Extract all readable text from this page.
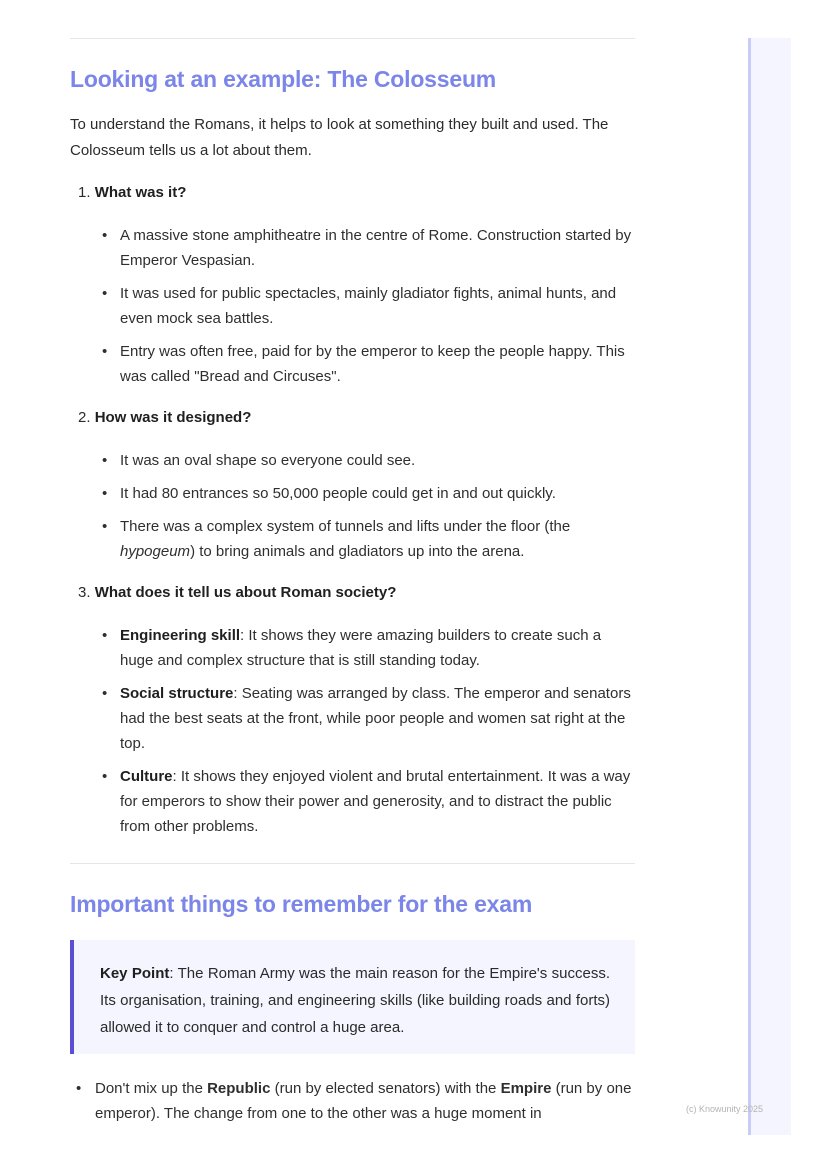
Looking at an example: The Colosseum

To understand the Romans, it helps to look at something they built and used. The Colosseum tells us a lot about them.

1. What was it?
• A massive stone amphitheatre in the centre of Rome. Construction started by Emperor Vespasian.
• It was used for public spectacles, mainly gladiator fights, animal hunts, and even mock sea battles.
• Entry was often free, paid for by the emperor to keep the people happy. This was called "Bread and Circuses".
2. How was it designed?
• It was an oval shape so everyone could see.
• It had 80 entrances so 50,000 people could get in and out quickly.
• There was a complex system of tunnels and lifts under the floor (the hypogeum) to bring animals and gladiators up into the arena.
3. What does it tell us about Roman society?
• Engineering skill: It shows they were amazing builders to create such a huge and complex structure that is still standing today.
• Social structure: Seating was arranged by class. The emperor and senators had the best seats at the front, while poor people and women sat right at the top.
• Culture: It shows they enjoyed violent and brutal entertainment. It was a way for emperors to show their power and generosity, and to distract the public from other problems.
Important things to remember for the exam

Key Point: The Roman Army was the main reason for the Empire's success. Its organisation, training, and engineering skills (like building roads and forts) allowed it to conquer and control a huge area.

• Don't mix up the Republic (run by elected senators) with the Empire (run by one emperor). The change from one to the other was a huge moment in	(c) Knowunity 2025
